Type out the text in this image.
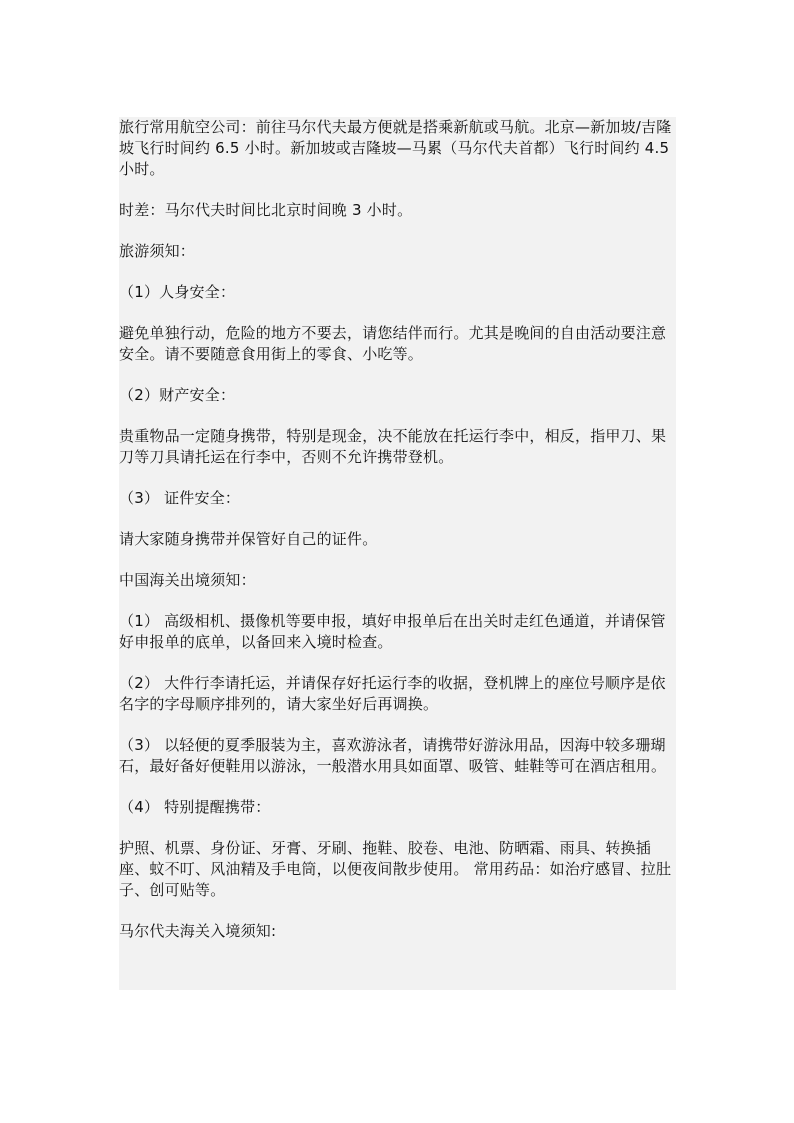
旅行常用航空公司：前往马尔代夫最方便就是搭乘新航或马航。北京—新加坡/吉隆坡飞行时间约 6.5 小时。新加坡或吉隆坡—马累（马尔代夫首都）飞行时间约 4.5 小时。

时差：马尔代夫时间比北京时间晚 3 小时。

旅游须知：

（1）人身安全：

避免单独行动，危险的地方不要去，请您结伴而行。尤其是晚间的自由活动要注意安全。请不要随意食用街上的零食、小吃等。

（2）财产安全：

贵重物品一定随身携带，特别是现金，决不能放在托运行李中，相反，指甲刀、果刀等刀具请托运在行李中，否则不允许携带登机。

（3） 证件安全：

请大家随身携带并保管好自己的证件。

中国海关出境须知：

（1） 高级相机、摄像机等要申报，填好申报单后在出关时走红色通道，并请保管好申报单的底单，以备回来入境时检查。

（2） 大件行李请托运，并请保存好托运行李的收据，登机牌上的座位号顺序是依名字的字母顺序排列的，请大家坐好后再调换。

（3） 以轻便的夏季服装为主，喜欢游泳者，请携带好游泳用品，因海中较多珊瑚石，最好备好便鞋用以游泳，一般潜水用具如面罩、吸管、蛙鞋等可在酒店租用。

（4） 特别提醒携带：

护照、机票、身份证、牙膏、牙刷、拖鞋、胶卷、电池、防晒霜、雨具、转换插座、蚊不叮、风油精及手电筒，以便夜间散步使用。 常用药品：如治疗感冒、拉肚子、创可贴等。

马尔代夫海关入境须知:
